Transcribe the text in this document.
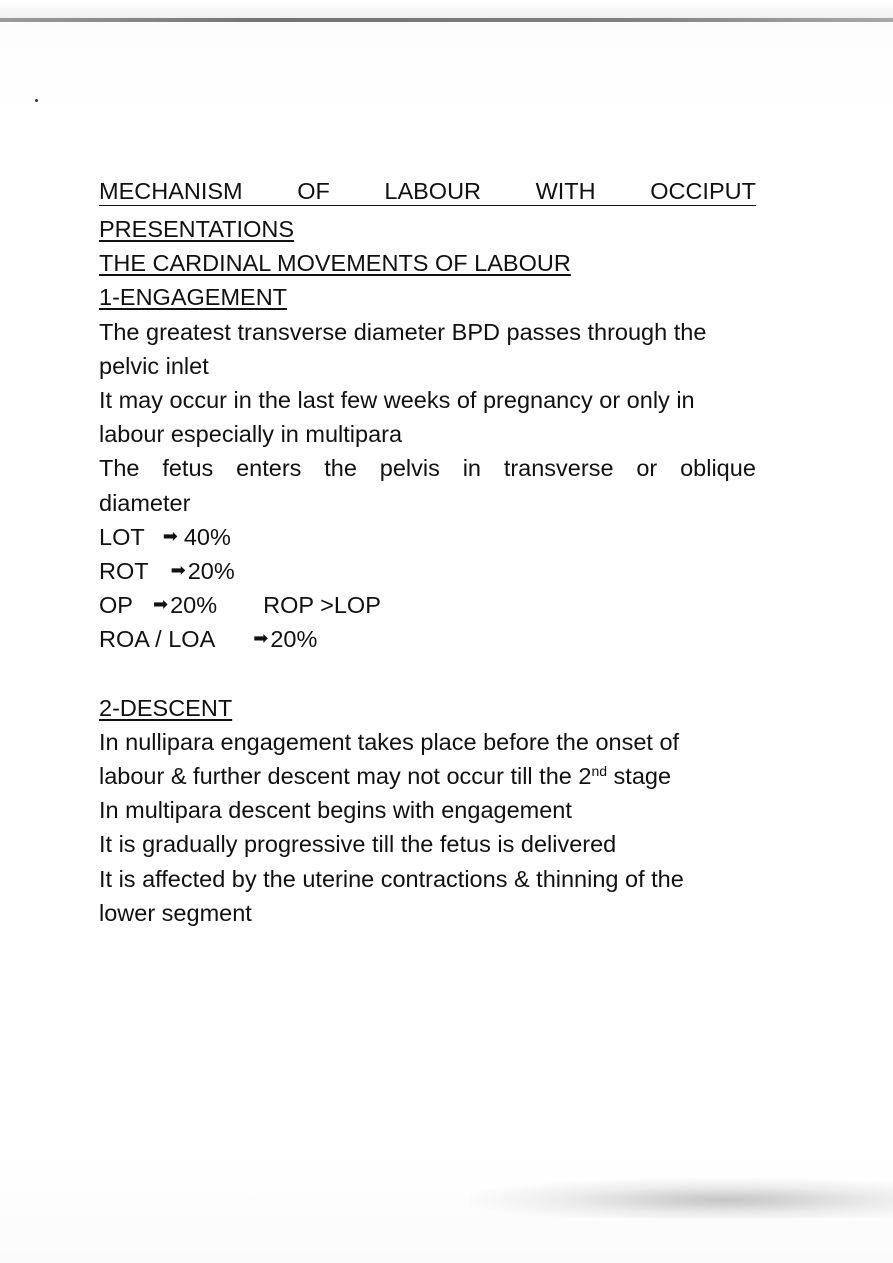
MECHANISM OF LABOUR WITH OCCIPUT
PRESENTATIONS
THE CARDINAL MOVEMENTS OF LABOUR
1-ENGAGEMENT
The greatest transverse diameter BPD passes through the
pelvic inlet
It may occur in the last few weeks of pregnancy or only in
labour especially in multipara
The fetus enters the pelvis in transverse or oblique
diameter
LOT ➡ 40%
ROT ➡ 20%
OP ➡ 20% ROP >LOP
ROA / LOA ➡ 20%
2-DESCENT
In nullipara engagement takes place before the onset of
labour & further descent may not occur till the 2nd stage
In multipara descent begins with engagement
It is gradually progressive till the fetus is delivered
It is affected by the uterine contractions & thinning of the
lower segment
